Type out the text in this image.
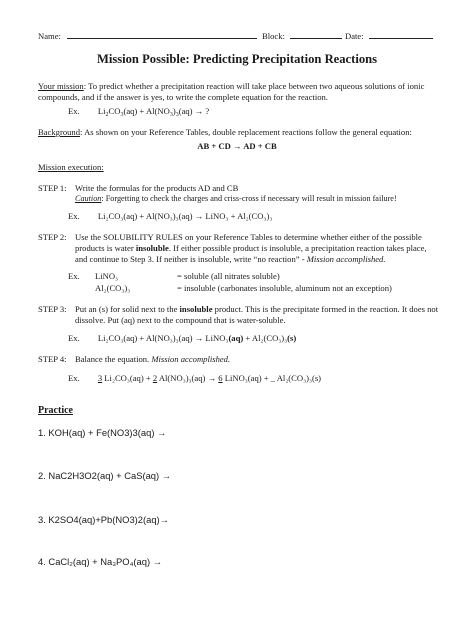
Name:	Block:	Date:
Mission Possible: Predicting Precipitation Reactions
Your mission: To predict whether a precipitation reaction will take place between two aqueous solutions of ionic
compounds, and if the answer is yes, to write the complete equation for the reaction.
Ex. $Li_2CO_3(aq) + Al(NO_3)_3(aq)$ → ?
Background: As shown on your Reference Tables, double replacement reactions follow the general equation:
AB + CD → AD + CB
Mission execution:
STEP 1: Write the formulas for the products AD and CB
Caution: Forgetting to check the charges and criss-cross if necessary will result in mission failure!
Ex. Li₂CO₃(aq) + Al(NO₃)₃(aq) → LiNO₃ + Al₂(CO₃)₃
STEP 2: Use the SOLUBILITY RULES on your Reference Tables to determine whether either of the possible
products is water insoluble. If either possible product is insoluble, a precipitation reaction takes place,
and continue to Step 3. If neither is insoluble, write “no reaction” - Mission accomplished.
Ex. LiNO₃	= soluble (all nitrates soluble)
Al₂(CO₃)₃	= insoluble (carbonates insoluble, aluminum not an exception)
STEP 3: Put an (s) for solid next to the insoluble product. This is the precipitate formed in the reaction. It does not
dissolve. Put (aq) next to the compound that is water-soluble.
Ex. Li₂CO₃(aq) + Al(NO₃)₃(aq) → LiNO₃(aq) + Al₂(CO₃)₃(s)
STEP 4: Balance the equation. Mission accomplished.
Ex. 3 Li₂CO₃(aq) + 2 Al(NO₃)₃(aq) → 6 LiNO₃(aq) + _ Al₂(CO₃)₃(s)
Practice
1. KOH(aq) + Fe(NO3)3(aq) →
2. NaC2H3O2(aq) + CaS(aq) →
3. K2SO4(aq)+Pb(NO3)2(aq)→
4. CaCl₂(aq) + Na₃PO₄(aq) →
